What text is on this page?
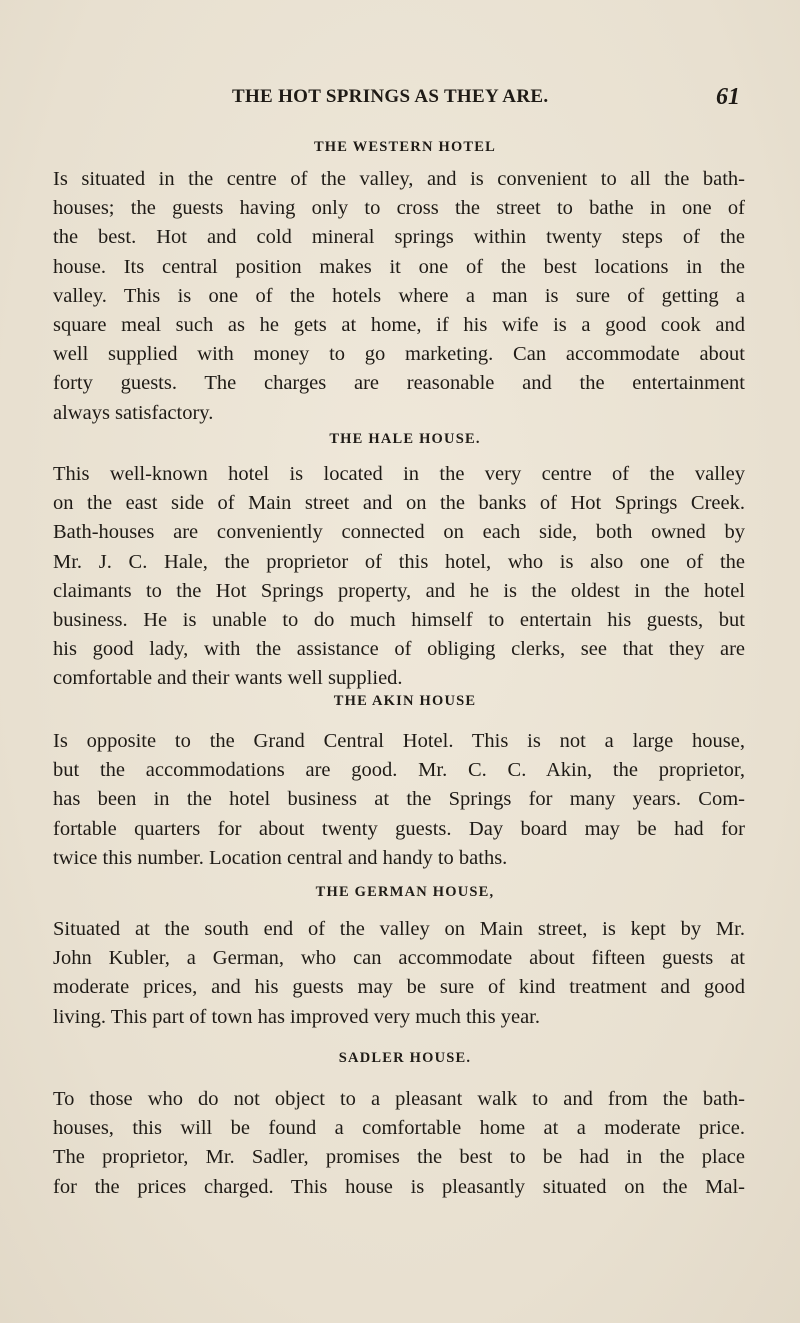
THE HOT SPRINGS AS THEY ARE.	61

THE WESTERN HOTEL

Is situated in the centre of the valley, and is convenient to all the bath-
houses; the guests having only to cross the street to bathe in one of
the best. Hot and cold mineral springs within twenty steps of the
house. Its central position makes it one of the best locations in the
valley. This is one of the hotels where a man is sure of getting a
square meal such as he gets at home, if his wife is a good cook and
well supplied with money to go marketing. Can accommodate about
forty guests. The charges are reasonable and the entertainment
always satisfactory.

THE HALE HOUSE.

This well-known hotel is located in the very centre of the valley
on the east side of Main street and on the banks of Hot Springs Creek.
Bath-houses are conveniently connected on each side, both owned by
Mr. J. C. Hale, the proprietor of this hotel, who is also one of the
claimants to the Hot Springs property, and he is the oldest in the hotel
business. He is unable to do much himself to entertain his guests, but
his good lady, with the assistance of obliging clerks, see that they are
comfortable and their wants well supplied.

THE AKIN HOUSE

Is opposite to the Grand Central Hotel. This is not a large house,
but the accommodations are good. Mr. C. C. Akin, the proprietor,
has been in the hotel business at the Springs for many years. Com-
fortable quarters for about twenty guests. Day board may be had for
twice this number. Location central and handy to baths.

THE GERMAN HOUSE,

Situated at the south end of the valley on Main street, is kept by Mr.
John Kubler, a German, who can accommodate about fifteen guests at
moderate prices, and his guests may be sure of kind treatment and good
living. This part of town has improved very much this year.

SADLER HOUSE.

To those who do not object to a pleasant walk to and from the bath-
houses, this will be found a comfortable home at a moderate price.
The proprietor, Mr. Sadler, promises the best to be had in the place
for the prices charged. This house is pleasantly situated on the Mal-
